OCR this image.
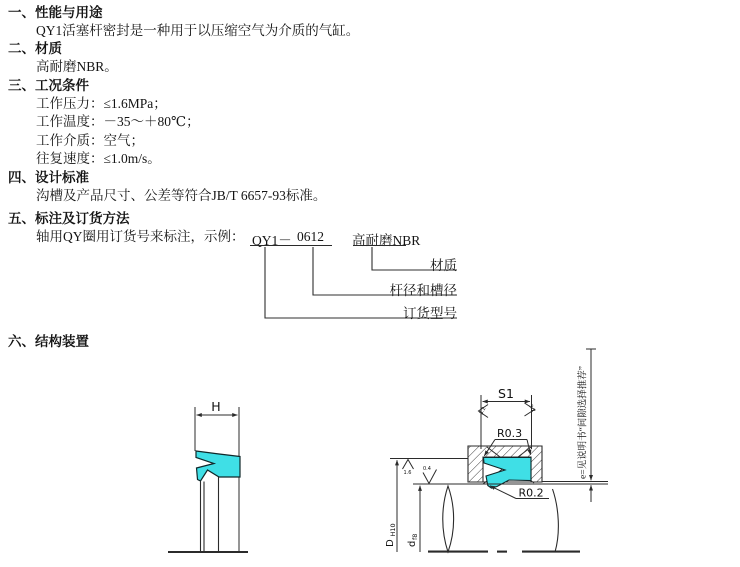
一、性能与用途
QY1活塞杆密封是一种用于以压缩空气为介质的气缸。
二、材质
高耐磨NBR。
三、工况条件
工作压力：≤1.6MPa；
工作温度：－35～＋80℃；
工作介质：空气；
往复速度：≤1.0m/s。
四、设计标准
沟槽及产品尺寸、公差等符合JB/T 6657-93标准。
五、标注及订货方法
轴用QY圈用订货号来标注，示例： QY1－ 0612 高耐磨NBR
材质
杆径和槽径
订货型号
六、结构装置
H
S1
3.2	3.2
R0.3
1.6
0.4
D
H10
d
f8
e=见说明书“间隙选择推荐”
R0.2
